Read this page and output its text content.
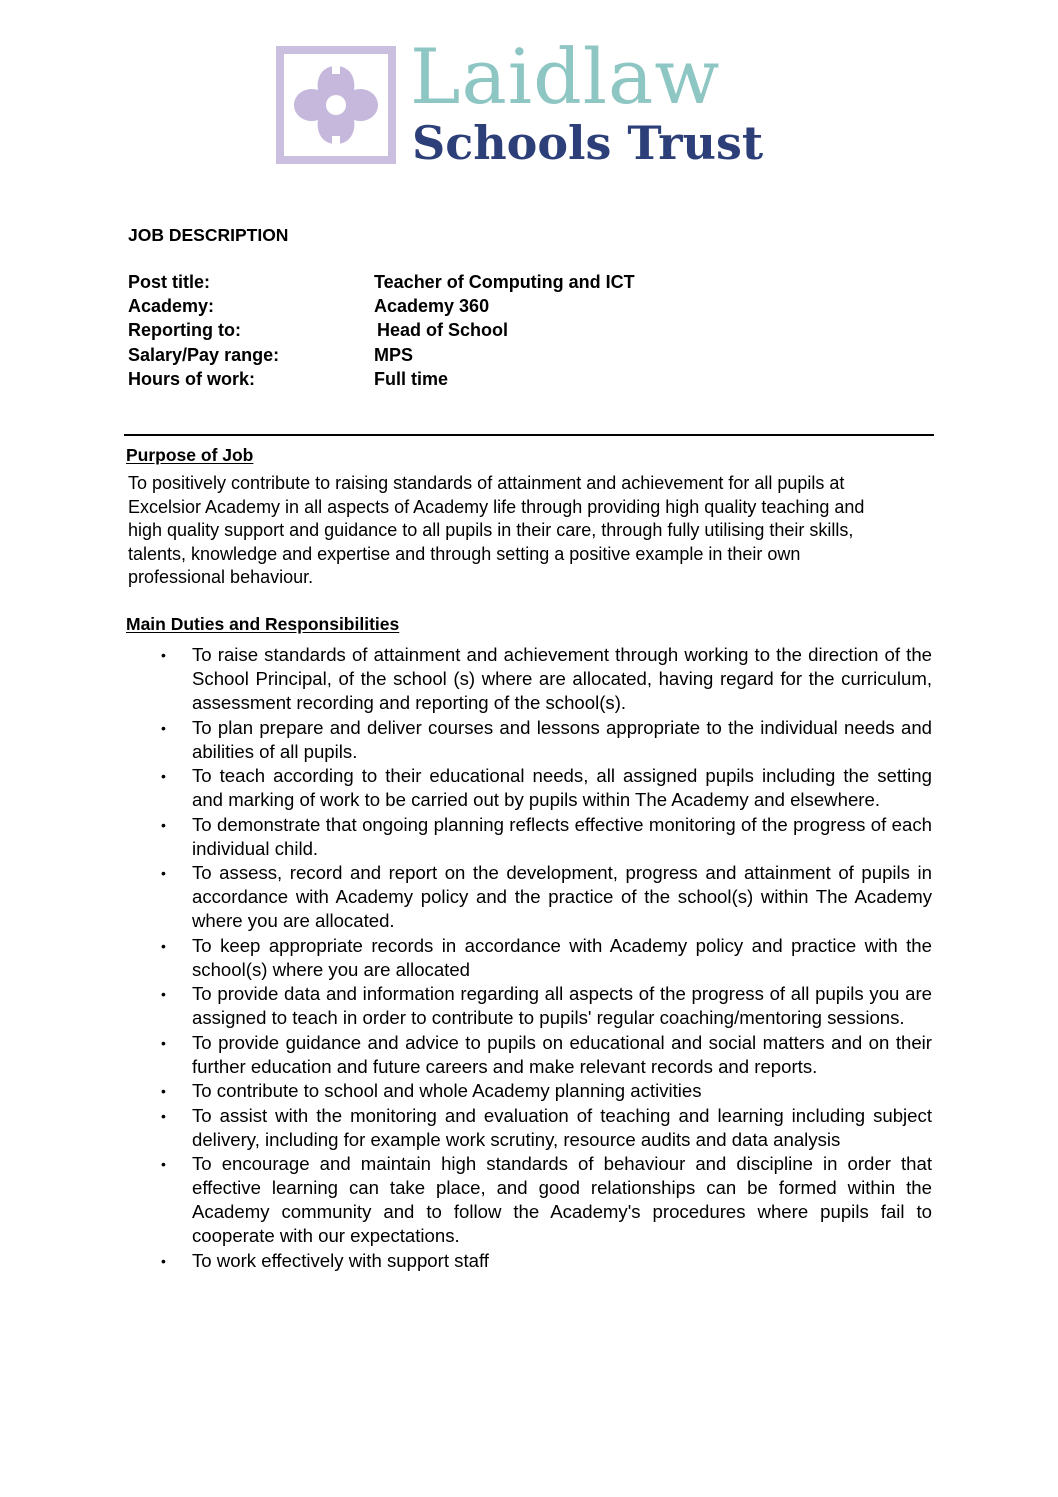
Laidlaw
Schools Trust
JOB DESCRIPTION
Post title:	Teacher of Computing and ICT
Academy:	Academy 360
Reporting to:	Head of School
Salary/Pay range:	MPS
Hours of work:	Full time
Purpose of Job
To positively contribute to raising standards of attainment and achievement for all pupils at
Excelsior Academy in all aspects of Academy life through providing high quality teaching and
high quality support and guidance to all pupils in their care, through fully utilising their skills,
talents, knowledge and expertise and through setting a positive example in their own
professional behaviour.
Main Duties and Responsibilities
• To raise standards of attainment and achievement through working to the direction of the School Principal, of the school (s) where are allocated, having regard for the curriculum, assessment recording and reporting of the school(s).
• To plan prepare and deliver courses and lessons appropriate to the individual needs and abilities of all pupils.
• To teach according to their educational needs, all assigned pupils including the setting and marking of work to be carried out by pupils within The Academy and elsewhere.
• To demonstrate that ongoing planning reflects effective monitoring of the progress of each individual child.
• To assess, record and report on the development, progress and attainment of pupils in accordance with Academy policy and the practice of the school(s) within The Academy where you are allocated.
• To keep appropriate records in accordance with Academy policy and practice with the school(s) where you are allocated
• To provide data and information regarding all aspects of the progress of all pupils you are assigned to teach in order to contribute to pupils' regular coaching/mentoring sessions.
• To provide guidance and advice to pupils on educational and social matters and on their further education and future careers and make relevant records and reports.
• To contribute to school and whole Academy planning activities
• To assist with the monitoring and evaluation of teaching and learning including subject delivery, including for example work scrutiny, resource audits and data analysis
• To encourage and maintain high standards of behaviour and discipline in order that effective learning can take place, and good relationships can be formed within the Academy community and to follow the Academy's procedures where pupils fail to cooperate with our expectations.
• To work effectively with support staff
